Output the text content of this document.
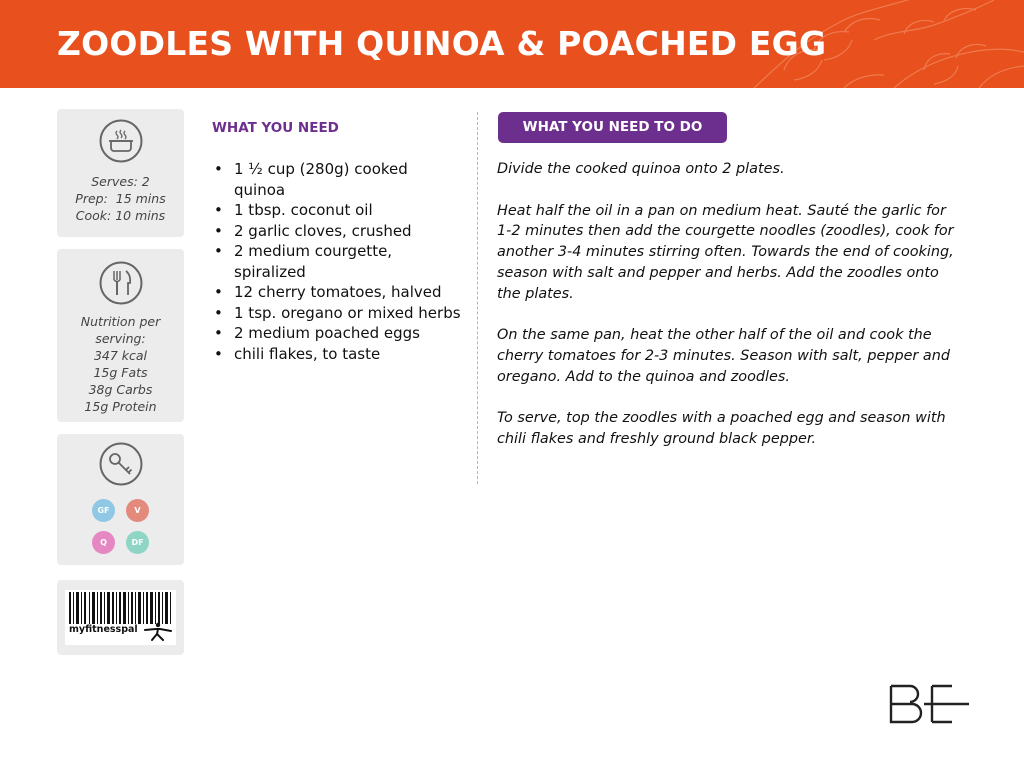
ZOODLES WITH QUINOA & POACHED EGG
Serves: 2
Prep:  15 mins
Cook: 10 mins
Nutrition per
serving:
347 kcal
15g Fats
38g Carbs
15g Protein
GF	V
Q	DF
myfitnesspal
WHAT YOU NEED
• 1 ½ cup (280g) cooked quinoa
• 1 tbsp. coconut oil
• 2 garlic cloves, crushed
• 2 medium courgette, spiralized
• 12 cherry tomatoes, halved
• 1 tsp. oregano or mixed herbs
• 2 medium poached eggs
• chili flakes, to taste
WHAT YOU NEED TO DO

Divide the cooked quinoa onto 2 plates.

Heat half the oil in a pan on medium heat. Sauté the garlic for 1-2 minutes then add the courgette noodles (zoodles), cook for another 3-4 minutes stirring often. Towards the end of cooking, season with salt and pepper and herbs. Add the zoodles onto the plates.

On the same pan, heat the other half of the oil and cook the cherry tomatoes for 2-3 minutes. Season with salt, pepper and oregano. Add to the quinoa and zoodles.

To serve, top the zoodles with a poached egg and season with chili flakes and freshly ground black pepper.
